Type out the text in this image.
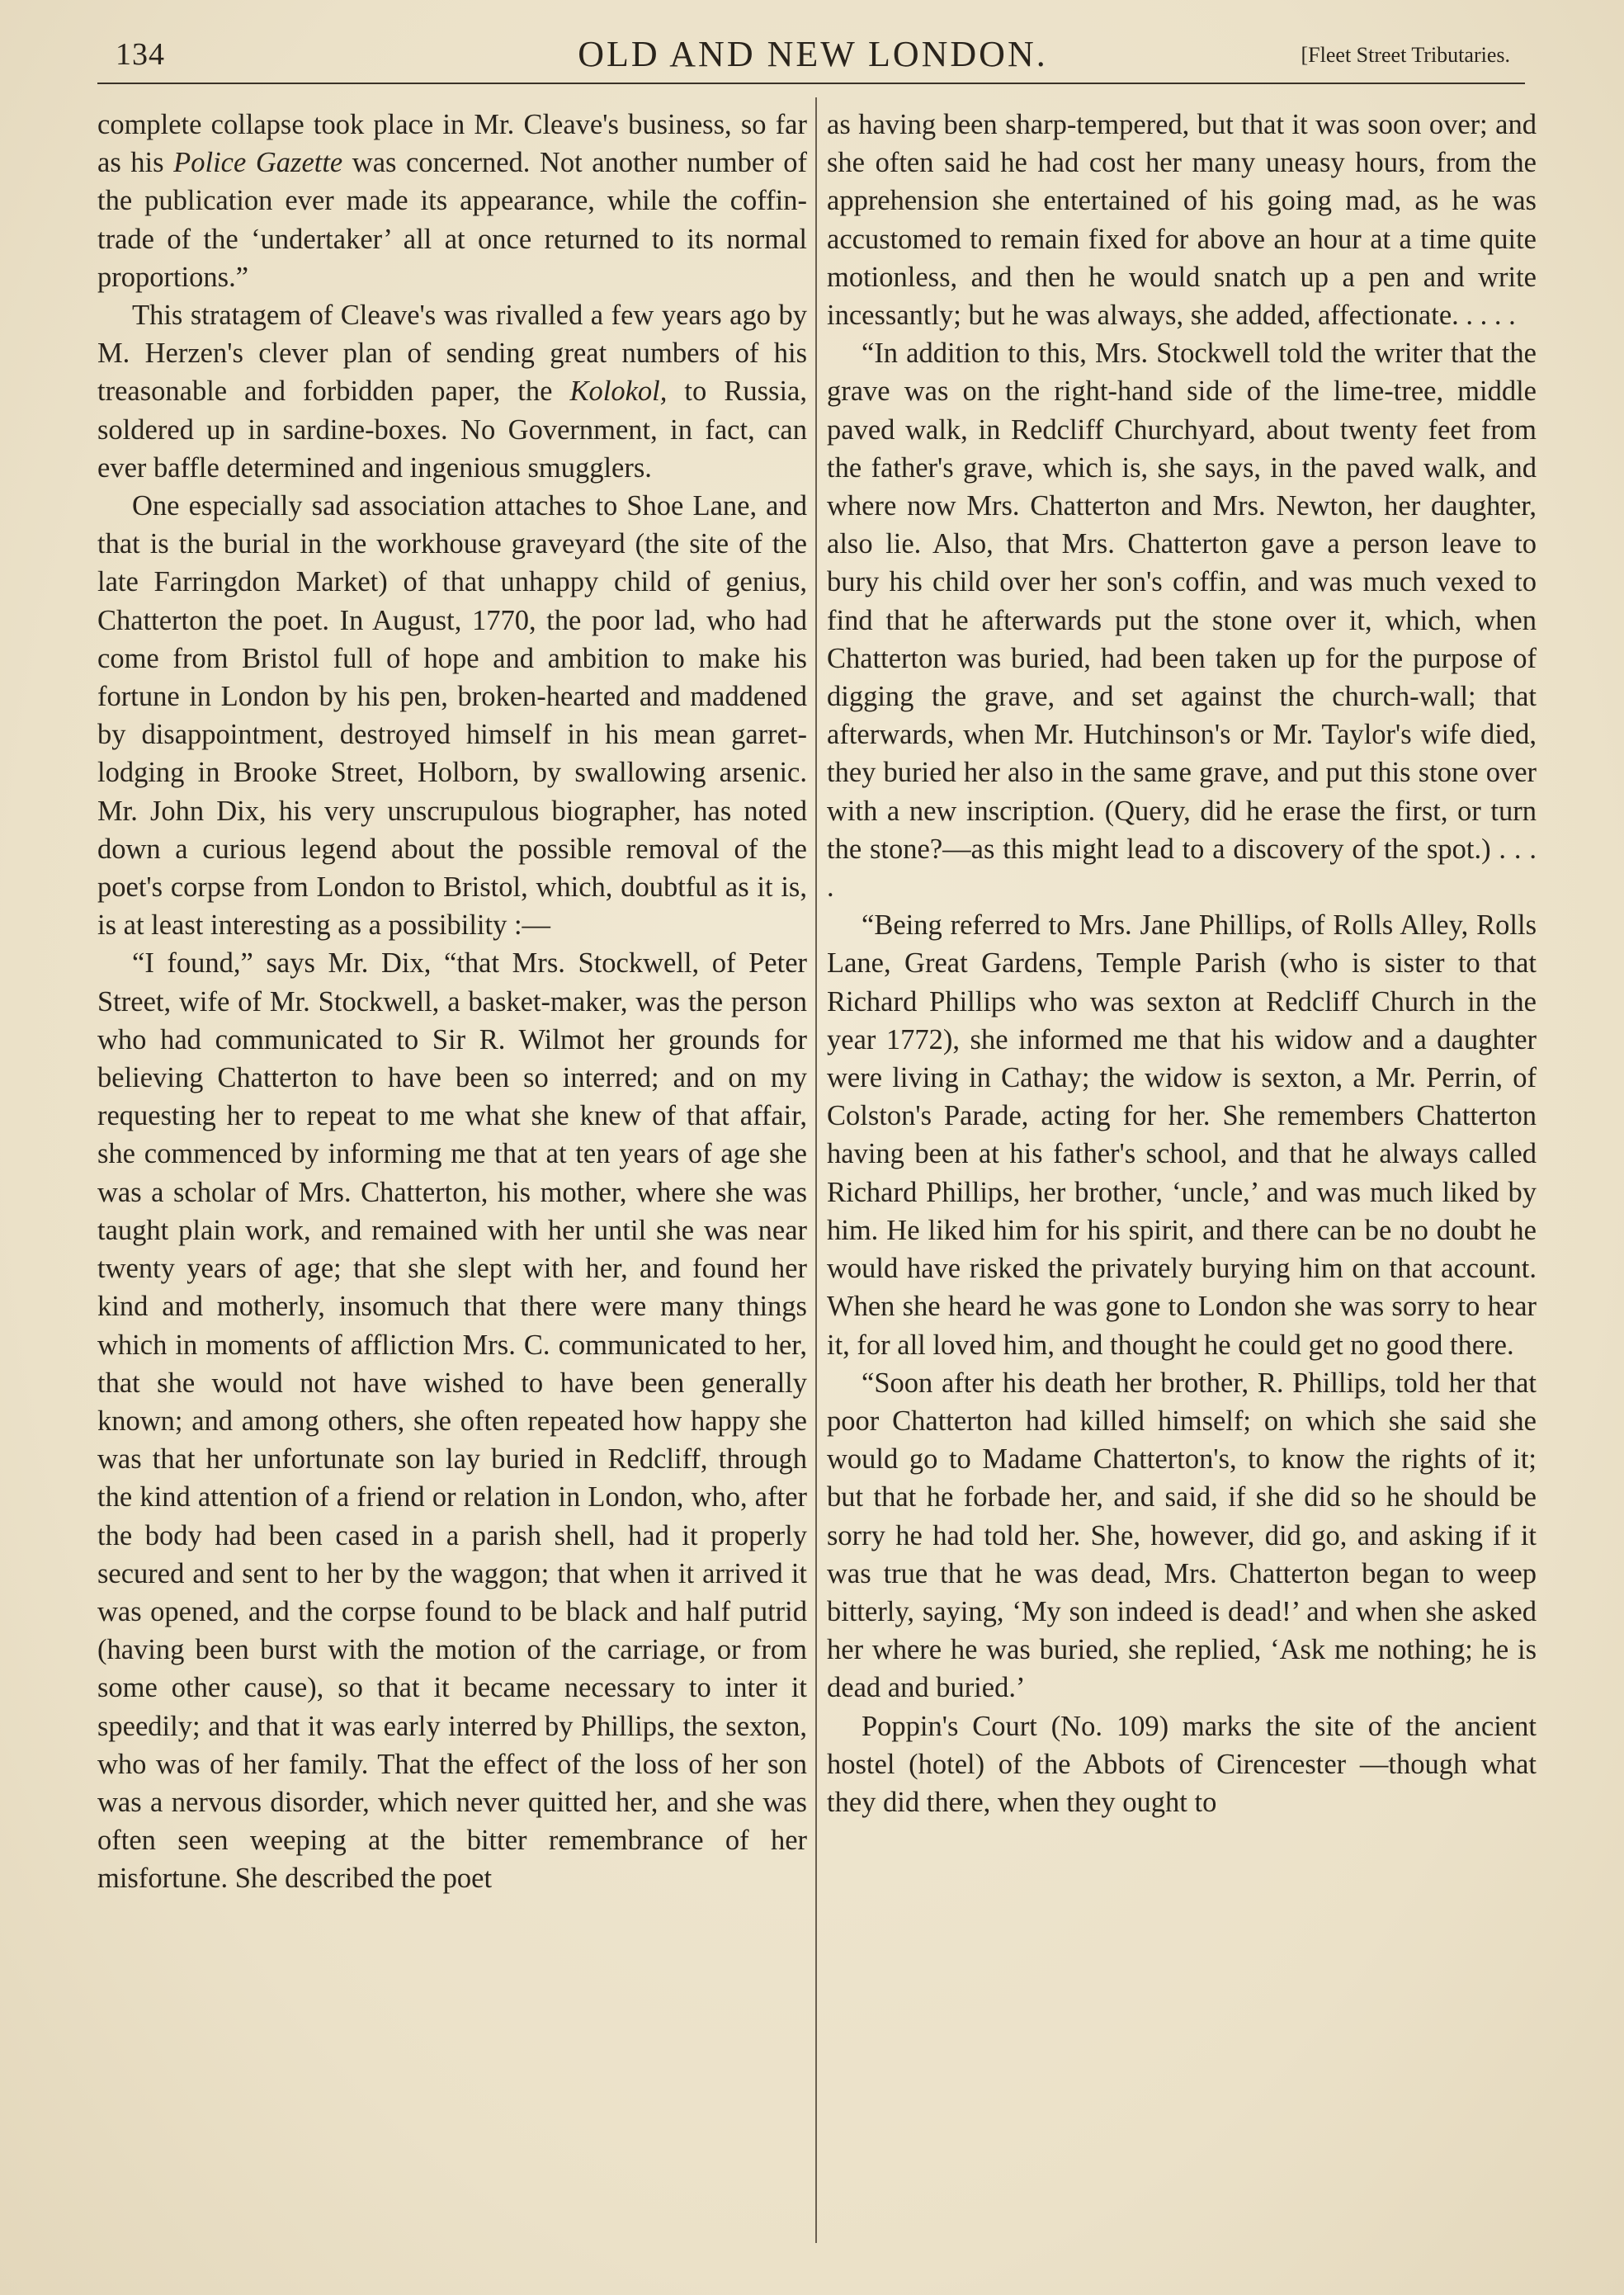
134	OLD AND NEW LONDON.	[Fleet Street Tributaries.

complete collapse took place in Mr. Cleave's business, so far as his Police Gazette was concerned. Not another number of the publication ever made its appearance, while the coffin-trade of the ‘undertaker’ all at once returned to its normal proportions.”

This stratagem of Cleave's was rivalled a few years ago by M. Herzen's clever plan of sending great numbers of his treasonable and forbidden paper, the Kolokol, to Russia, soldered up in sardine-boxes. No Government, in fact, can ever baffle determined and ingenious smugglers.

One especially sad association attaches to Shoe Lane, and that is the burial in the workhouse graveyard (the site of the late Farringdon Market) of that unhappy child of genius, Chatterton the poet. In August, 1770, the poor lad, who had come from Bristol full of hope and ambition to make his fortune in London by his pen, broken-hearted and maddened by disappointment, destroyed himself in his mean garret-lodging in Brooke Street, Holborn, by swallowing arsenic. Mr. John Dix, his very unscrupulous biographer, has noted down a curious legend about the possible removal of the poet's corpse from London to Bristol, which, doubtful as it is, is at least interesting as a possibility :—

“I found,” says Mr. Dix, “that Mrs. Stockwell, of Peter Street, wife of Mr. Stockwell, a basket-maker, was the person who had communicated to Sir R. Wilmot her grounds for believing Chatterton to have been so interred; and on my requesting her to repeat to me what she knew of that affair, she commenced by informing me that at ten years of age she was a scholar of Mrs. Chatterton, his mother, where she was taught plain work, and remained with her until she was near twenty years of age; that she slept with her, and found her kind and motherly, insomuch that there were many things which in moments of affliction Mrs. C. communicated to her, that she would not have wished to have been generally known; and among others, she often repeated how happy she was that her unfortunate son lay buried in Redcliff, through the kind attention of a friend or relation in London, who, after the body had been cased in a parish shell, had it properly secured and sent to her by the waggon; that when it arrived it was opened, and the corpse found to be black and half putrid (having been burst with the motion of the carriage, or from some other cause), so that it became necessary to inter it speedily; and that it was early interred by Phillips, the sexton, who was of her family. That the effect of the loss of her son was a nervous disorder, which never quitted her, and she was often seen weeping at the bitter remembrance of her misfortune. She described the poet

as having been sharp-tempered, but that it was soon over; and she often said he had cost her many uneasy hours, from the apprehension she entertained of his going mad, as he was accustomed to remain fixed for above an hour at a time quite motionless, and then he would snatch up a pen and write incessantly; but he was always, she added, affectionate. . . . .

“In addition to this, Mrs. Stockwell told the writer that the grave was on the right-hand side of the lime-tree, middle paved walk, in Redcliff Churchyard, about twenty feet from the father's grave, which is, she says, in the paved walk, and where now Mrs. Chatterton and Mrs. Newton, her daughter, also lie. Also, that Mrs. Chatterton gave a person leave to bury his child over her son's coffin, and was much vexed to find that he afterwards put the stone over it, which, when Chatterton was buried, had been taken up for the purpose of digging the grave, and set against the church-wall; that afterwards, when Mr. Hutchinson's or Mr. Taylor's wife died, they buried her also in the same grave, and put this stone over with a new inscription. (Query, did he erase the first, or turn the stone?—as this might lead to a discovery of the spot.) . . . .

“Being referred to Mrs. Jane Phillips, of Rolls Alley, Rolls Lane, Great Gardens, Temple Parish (who is sister to that Richard Phillips who was sexton at Redcliff Church in the year 1772), she informed me that his widow and a daughter were living in Cathay; the widow is sexton, a Mr. Perrin, of Colston's Parade, acting for her. She remembers Chatterton having been at his father's school, and that he always called Richard Phillips, her brother, ‘uncle,’ and was much liked by him. He liked him for his spirit, and there can be no doubt he would have risked the privately burying him on that account. When she heard he was gone to London she was sorry to hear it, for all loved him, and thought he could get no good there.

“Soon after his death her brother, R. Phillips, told her that poor Chatterton had killed himself; on which she said she would go to Madame Chatterton's, to know the rights of it; but that he forbade her, and said, if she did so he should be sorry he had told her. She, however, did go, and asking if it was true that he was dead, Mrs. Chatterton began to weep bitterly, saying, ‘My son indeed is dead!’ and when she asked her where he was buried, she replied, ‘Ask me nothing; he is dead and buried.’

Poppin's Court (No. 109) marks the site of the ancient hostel (hotel) of the Abbots of Cirencester —though what they did there, when they ought to
